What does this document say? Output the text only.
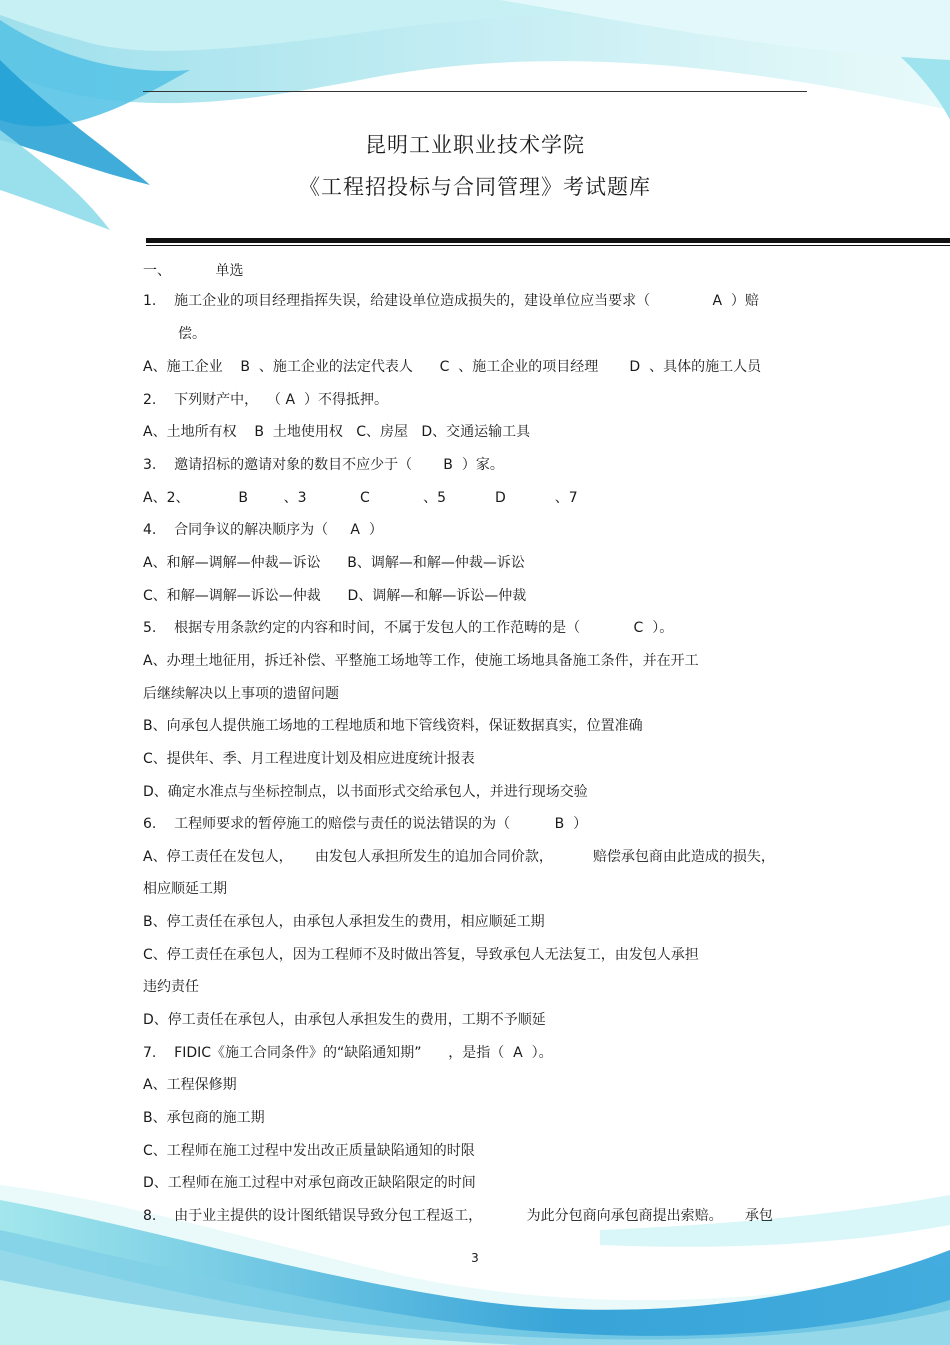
昆明工业职业技术学院
《工程招投标与合同管理》考试题库
一、          单选
1.    施工企业的项目经理指挥失误，给建设单位造成损失的，建设单位应当要求（              A  ）赔
偿。
A、施工企业    B  、施工企业的法定代表人      C  、施工企业的项目经理       D  、具体的施工人员
2.    下列财产中，  （ A  ）不得抵押。
A、土地所有权    B  土地使用权   C、房屋   D、交通运输工具
3.    邀请招标的邀请对象的数目不应少于（       B  ）家。
A、2、           B        、3            C            、5           D           、7
4.    合同争议的解决顺序为（     A  ）
A、和解—调解—仲裁—诉讼      B、调解—和解—仲裁—诉讼
C、和解—调解—诉讼—仲裁      D、调解—和解—诉讼—仲裁
5.    根据专用条款约定的内容和时间，不属于发包人的工作范畴的是（            C  ）。
A、办理土地征用，拆迁补偿、平整施工场地等工作，使施工场地具备施工条件，并在开工
后继续解决以上事项的遗留问题
B、向承包人提供施工场地的工程地质和地下管线资料，保证数据真实，位置准确
C、提供年、季、月工程进度计划及相应进度统计报表
D、确定水准点与坐标控制点，以书面形式交给承包人，并进行现场交验
6.    工程师要求的暂停施工的赔偿与责任的说法错误的为（          B  ）
A、停工责任在发包人，     由发包人承担所发生的追加合同价款，         赔偿承包商由此造成的损失，
相应顺延工期
B、停工责任在承包人，由承包人承担发生的费用，相应顺延工期
C、停工责任在承包人，因为工程师不及时做出答复，导致承包人无法复工，由发包人承担
违约责任
D、停工责任在承包人，由承包人承担发生的费用，工期不予顺延
7.    FIDIC《施工合同条件》的“缺陷通知期”      ，是指（  A  ）。
A、工程保修期
B、承包商的施工期
C、工程师在施工过程中发出改正质量缺陷通知的时限
D、工程师在施工过程中对承包商改正缺陷限定的时间
8.    由于业主提供的设计图纸错误导致分包工程返工，          为此分包商向承包商提出索赔。     承包
3
